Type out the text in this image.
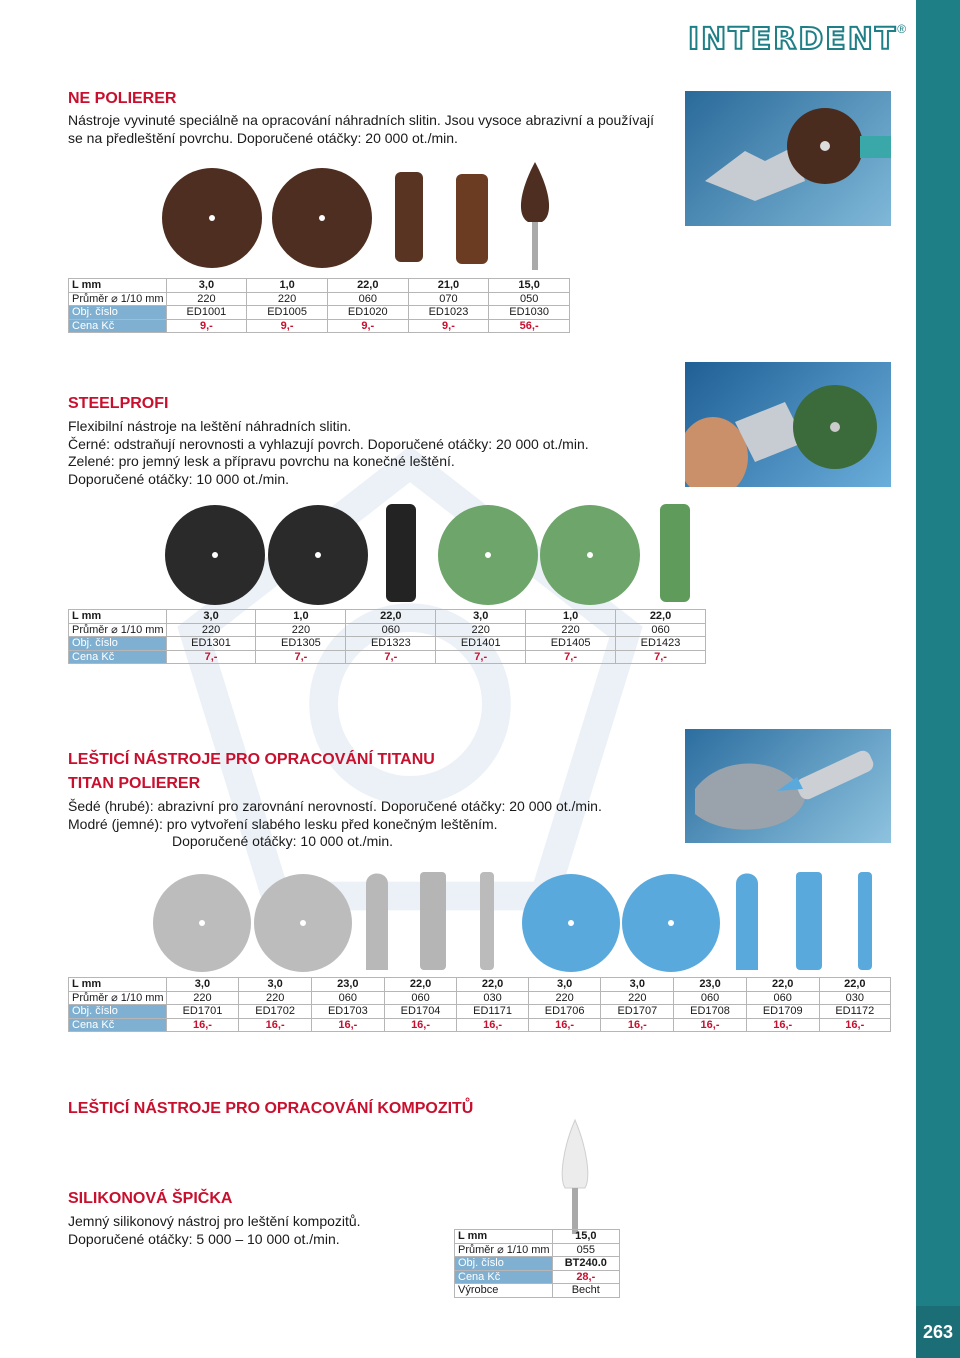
263
INTERDENT®
NE POLIERER

Nástroje vyvinuté speciálně na opracování náhradních slitin. Jsou vysoce abrazivní a používají

se na předleštění povrchu. Doporučené otáčky: 20 000 ot./min.

L mm	3,0	1,0	22,0	21,0	15,0
Průměr ⌀ 1/10 mm	220	220	060	070	050
Obj. číslo	ED1001	ED1005	ED1020	ED1023	ED1030
Cena Kč	9,-	9,-	9,-	9,-	56,-
STEELPROFI

Flexibilní nástroje na leštění náhradních slitin.

Černé: odstraňují nerovnosti a vyhlazují povrch. Doporučené otáčky: 20 000 ot./min.

Zelené: pro jemný lesk a přípravu povrchu na konečné leštění.

Doporučené otáčky: 10 000 ot./min.

L mm	3,0	1,0	22,0	3,0	1,0	22,0
Průměr ⌀ 1/10 mm	220	220	060	220	220	060
Obj. číslo	ED1301	ED1305	ED1323	ED1401	ED1405	ED1423
Cena Kč	7,-	7,-	7,-	7,-	7,-	7,-
LEŠTICÍ NÁSTROJE PRO OPRACOVÁNÍ TITANU
TITAN POLIERER

Šedé (hrubé): abrazivní pro zarovnání nerovností. Doporučené otáčky: 20 000 ot./min.

Modré (jemné): pro vytvoření slabého lesku před konečným leštěním.

Doporučené otáčky: 10 000 ot./min.

L mm	3,0	3,0	23,0	22,0	22,0	3,0	3,0	23,0	22,0	22,0
Průměr ⌀ 1/10 mm	220	220	060	060	030	220	220	060	060	030
Obj. číslo	ED1701	ED1702	ED1703	ED1704	ED1171	ED1706	ED1707	ED1708	ED1709	ED1172
Cena Kč	16,-	16,-	16,-	16,-	16,-	16,-	16,-	16,-	16,-	16,-
LEŠTICÍ NÁSTROJE PRO OPRACOVÁNÍ KOMPOZITŮ
SILIKONOVÁ ŠPIČKA

Jemný silikonový nástroj pro leštění kompozitů.

Doporučené otáčky: 5 000 – 10 000 ot./min.	L mm	15,0
Průměr ⌀ 1/10 mm	055
Obj. číslo	BT240.0
Cena Kč	28,-
Výrobce	Becht
